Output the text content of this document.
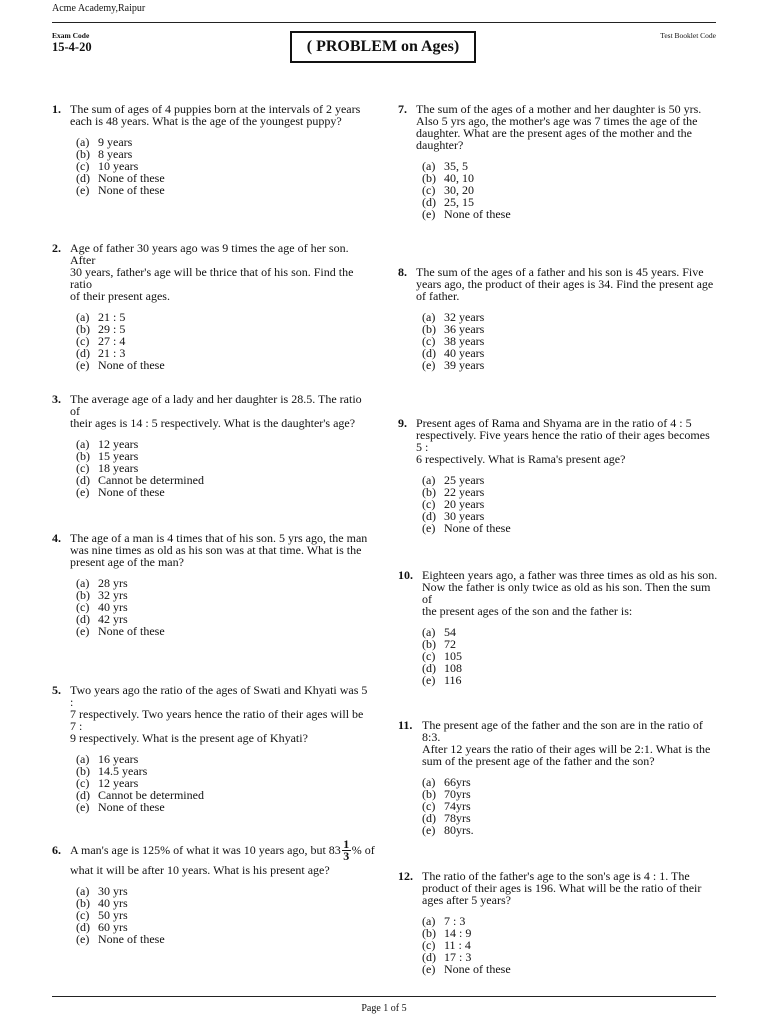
Acme Academy,Raipur
Exam Code
15-4-20	( PROBLEM on Ages)
Test Booklet Code
1. The sum of ages of 4 puppies born at the intervals of 2 years
each is 48 years. What is the age of the youngest puppy?
(a) 9 years
(b) 8 years
(c) 10 years
(d) None of these
(e) None of these
2. Age of father 30 years ago was 9 times the age of her son. After
30 years, father's age will be thrice that of his son. Find the ratio
of their present ages.
(a) 21 : 5
(b) 29 : 5
(c) 27 : 4
(d) 21 : 3
(e) None of these
3. The average age of a lady and her daughter is 28.5. The ratio of
their ages is 14 : 5 respectively. What is the daughter's age?
(a) 12 years
(b) 15 years
(c) 18 years
(d) Cannot be determined
(e) None of these
4. The age of a man is 4 times that of his son. 5 yrs ago, the man
was nine times as old as his son was at that time. What is the
present age of the man?
(a) 28 yrs
(b) 32 yrs
(c) 40 yrs
(d) 42 yrs
(e) None of these
5. Two years ago the ratio of the ages of Swati and Khyati was 5 :
7 respectively. Two years hence the ratio of their ages will be 7 :
9 respectively. What is the present age of Khyati?
(a) 16 years
(b) 14.5 years
(c) 12 years
(d) Cannot be determined
(e) None of these
6. A man's age is 125% of what it was 10 years ago, but $83 \frac{1}{3}$ % of
what it will be after 10 years. What is his present age?
(a) 30 yrs
(b) 40 yrs
(c) 50 yrs
(d) 60 yrs
(e) None of these
7. The sum of the ages of a mother and her daughter is 50 yrs.
Also 5 yrs ago, the mother's age was 7 times the age of the
daughter. What are the present ages of the mother and the
daughter?
(a) 35, 5
(b) 40, 10
(c) 30, 20
(d) 25, 15
(e) None of these
8. The sum of the ages of a father and his son is 45 years. Five
years ago, the product of their ages is 34. Find the present age
of father.
(a) 32 years
(b) 36 years
(c) 38 years
(d) 40 years
(e) 39 years
9. Present ages of Rama and Shyama are in the ratio of 4 : 5
respectively. Five years hence the ratio of their ages becomes 5 :
6 respectively. What is Rama's present age?
(a) 25 years
(b) 22 years
(c) 20 years
(d) 30 years
(e) None of these
10. Eighteen years ago, a father was three times as old as his son.
Now the father is only twice as old as his son. Then the sum of
the present ages of the son and the father is:
(a) 54
(b) 72
(c) 105
(d) 108
(e) 116
11. The present age of the father and the son are in the ratio of 8:3.
After 12 years the ratio of their ages will be 2:1. What is the
sum of the present age of the father and the son?
(a) 66yrs
(b) 70yrs
(c) 74yrs
(d) 78yrs
(e) 80yrs.
12. The ratio of the father's age to the son's age is 4 : 1. The
product of their ages is 196. What will be the ratio of their
ages after 5 years?
(a) 7 : 3
(b) 14 : 9
(c) 11 : 4
(d) 17 : 3
(e) None of these
Page 1 of 5
